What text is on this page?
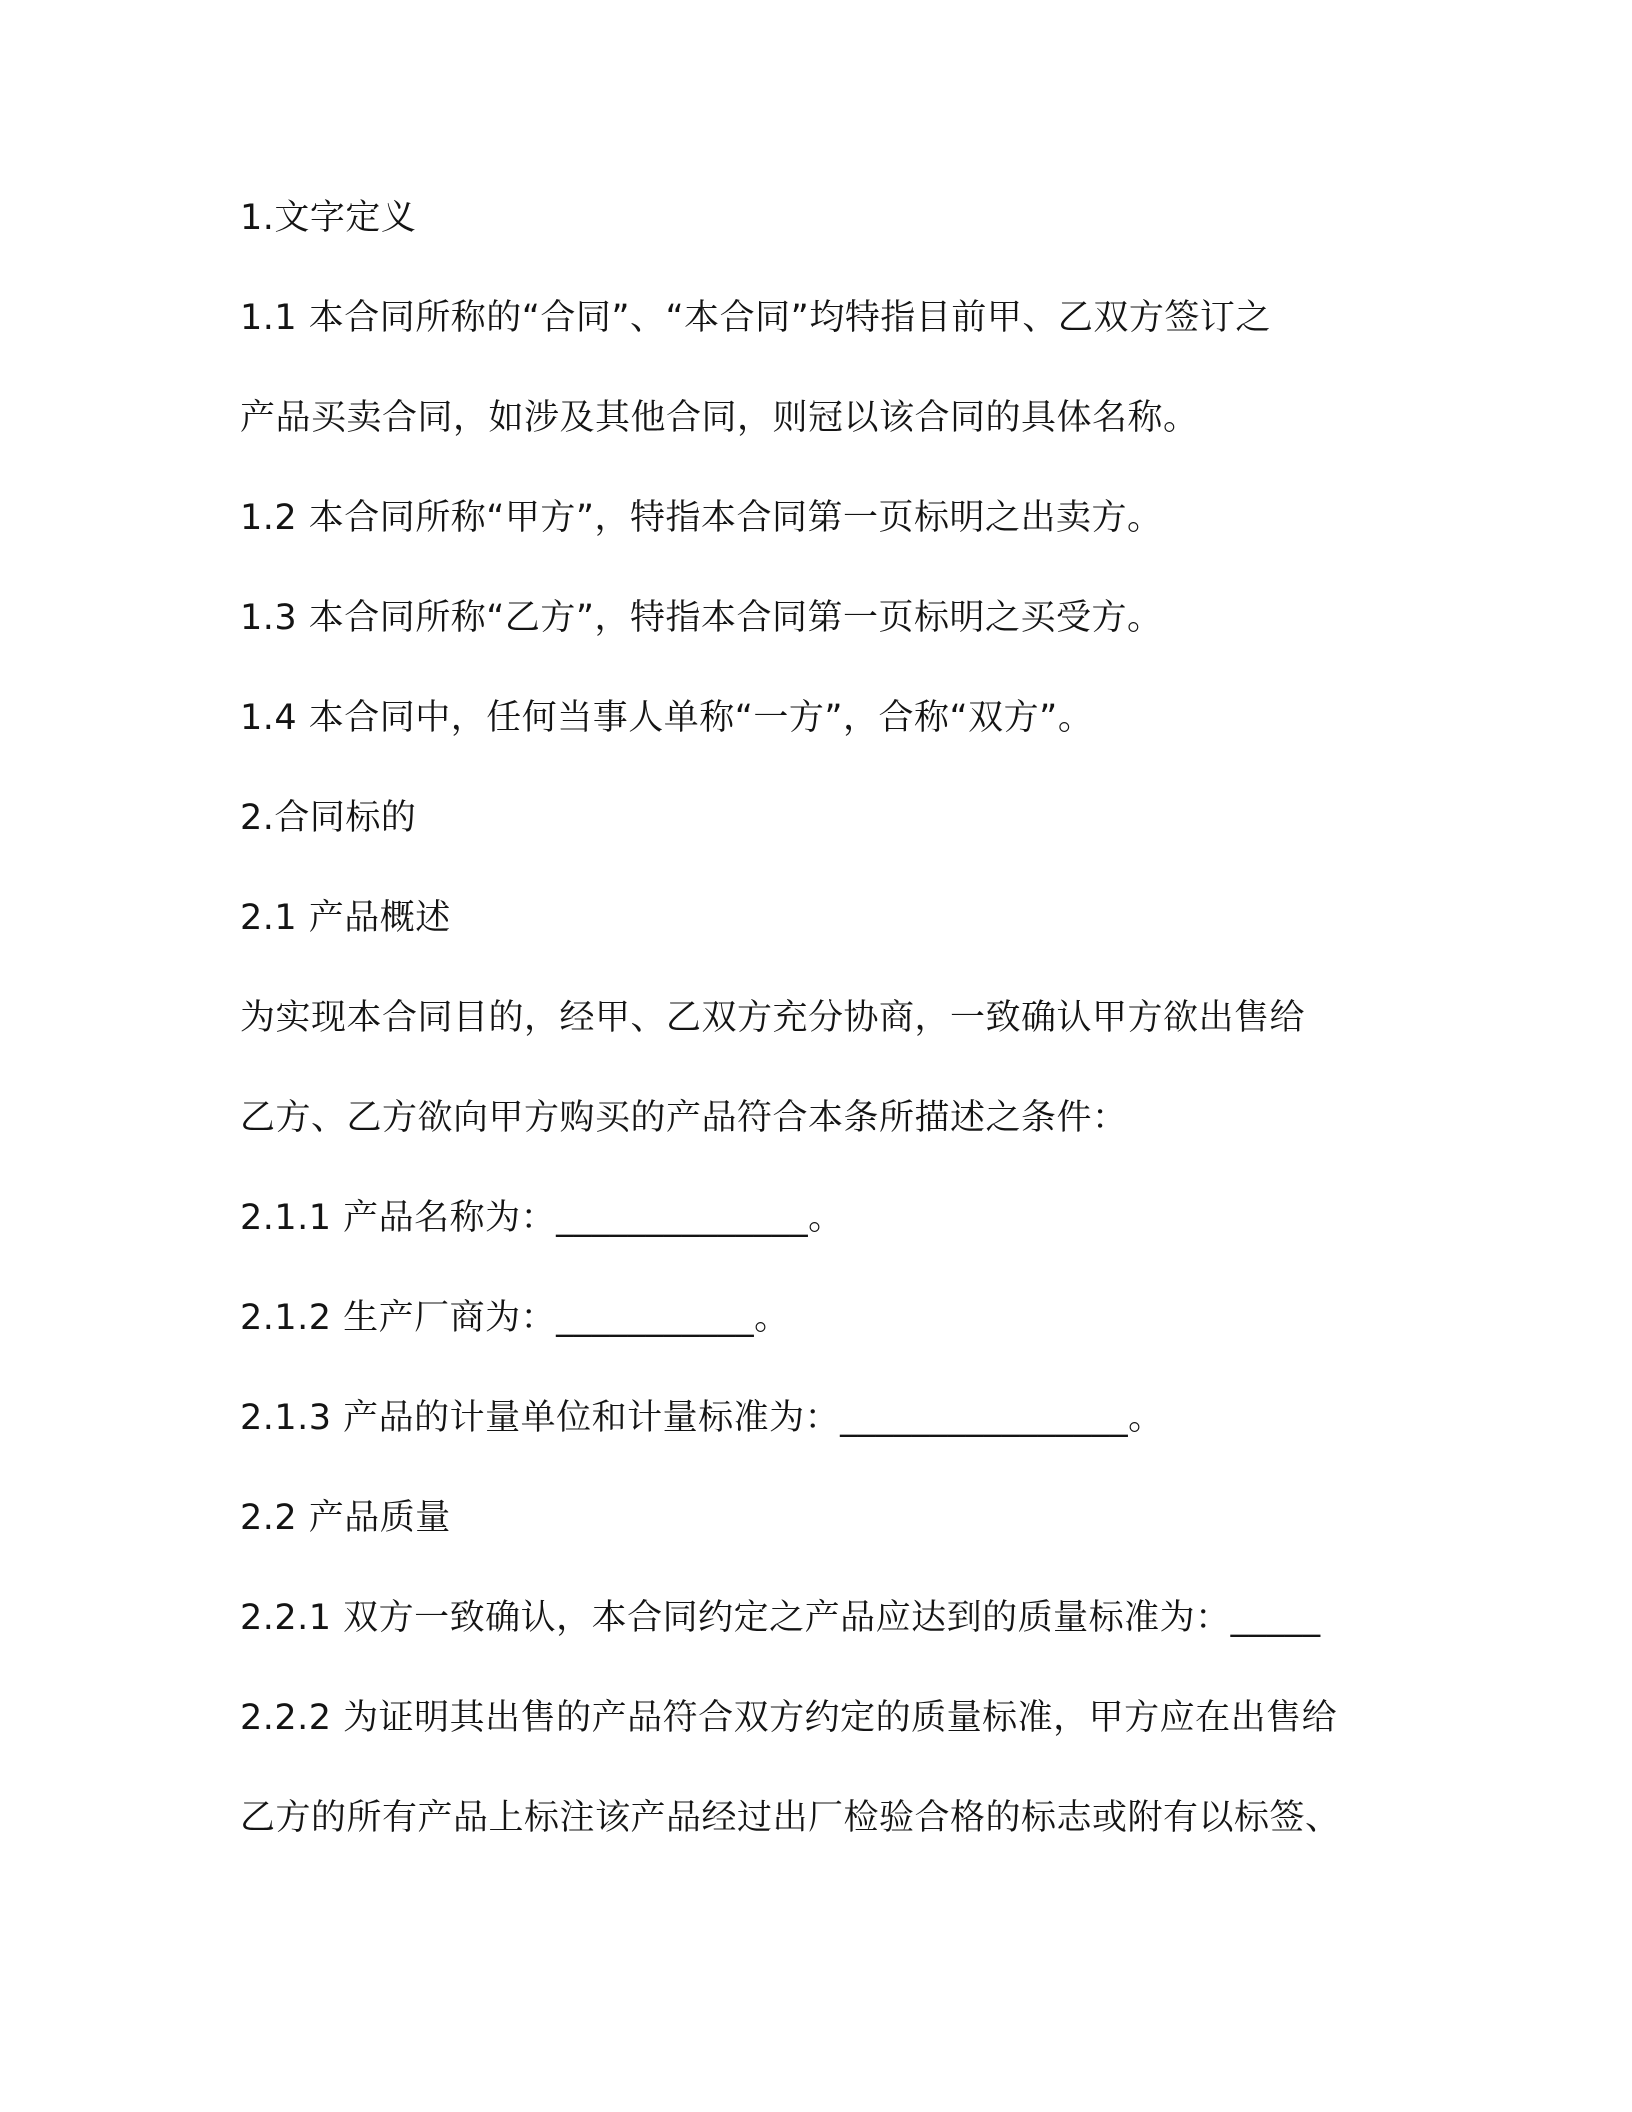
1.文字定义
1.1 本合同所称的“合同”、“本合同”均特指目前甲、乙双方签订之
产品买卖合同，如涉及其他合同，则冠以该合同的具体名称。
1.2 本合同所称“甲方”，特指本合同第一页标明之出卖方。
1.3 本合同所称“乙方”，特指本合同第一页标明之买受方。
1.4 本合同中，任何当事人单称“一方”，合称“双方”。
2.合同标的
2.1 产品概述
为实现本合同目的，经甲、乙双方充分协商，一致确认甲方欲出售给
乙方、乙方欲向甲方购买的产品符合本条所描述之条件：
2.1.1 产品名称为：______________。
2.1.2 生产厂商为：___________。
2.1.3 产品的计量单位和计量标准为：________________。
2.2 产品质量
2.2.1 双方一致确认，本合同约定之产品应达到的质量标准为：_____
2.2.2 为证明其出售的产品符合双方约定的质量标准，甲方应在出售给
乙方的所有产品上标注该产品经过出厂检验合格的标志或附有以标签、
